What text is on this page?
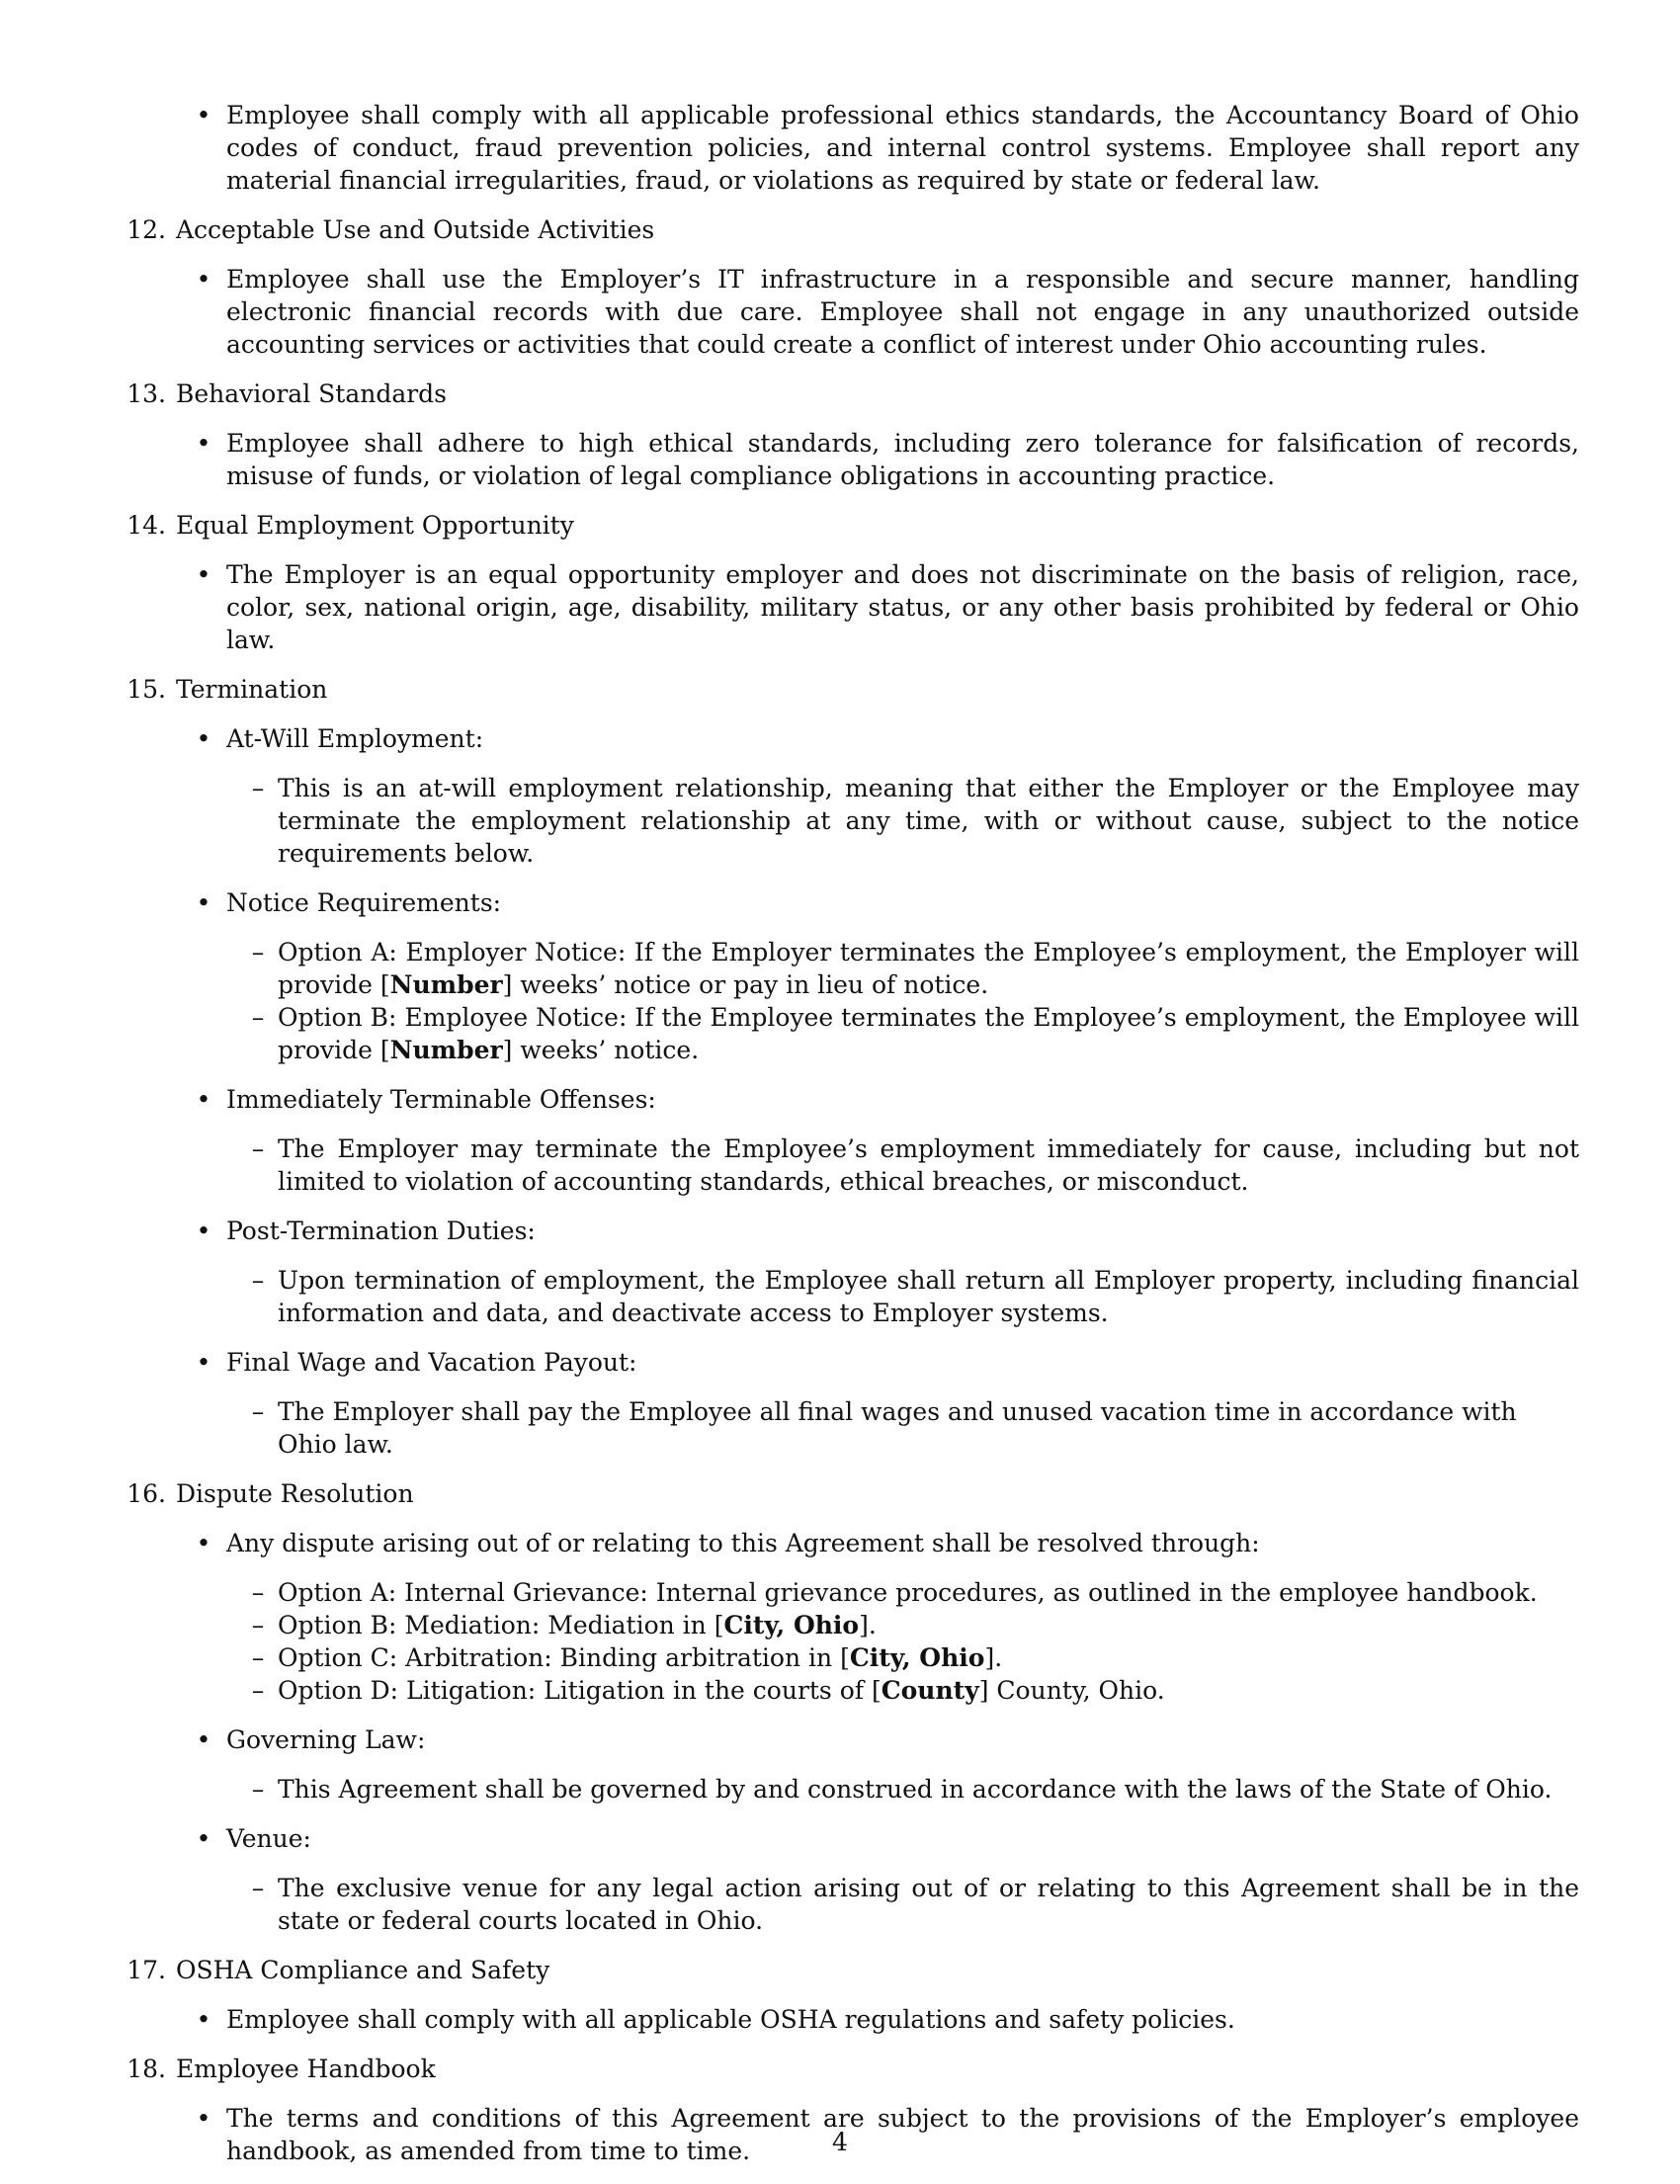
• Employee shall comply with all applicable professional ethics standards, the Accountancy Board of Ohio codes of conduct, fraud prevention policies, and internal control systems. Employee shall report any material financial irregularities, fraud, or violations as required by state or federal law.

12. Acceptable Use and Outside Activities
• Employee shall use the Employer’s IT infrastructure in a responsible and secure manner, handling electronic financial records with due care. Employee shall not engage in any unauthorized outside accounting services or activities that could create a conflict of interest under Ohio accounting rules.

13. Behavioral Standards
• Employee shall adhere to high ethical standards, including zero tolerance for falsification of records, misuse of funds, or violation of legal compliance obligations in accounting practice.

14. Equal Employment Opportunity
• The Employer is an equal opportunity employer and does not discriminate on the basis of religion, race, color, sex, national origin, age, disability, military status, or any other basis prohibited by federal or Ohio law.

15. Termination
• At-Will Employment:

– This is an at-will employment relationship, meaning that either the Employer or the Employee may terminate the employment relationship at any time, with or without cause, subject to the notice requirements below.

• Notice Requirements:

– Option A: Employer Notice: If the Employer terminates the Employee’s employment, the Employer will provide [Number] weeks’ notice or pay in lieu of notice.

– Option B: Employee Notice: If the Employee terminates the Employee’s employment, the Employee will provide [Number] weeks’ notice.

• Immediately Terminable Offenses:

– The Employer may terminate the Employee’s employment immediately for cause, including but not limited to violation of accounting standards, ethical breaches, or misconduct.

• Post-Termination Duties:

– Upon termination of employment, the Employee shall return all Employer property, including financial information and data, and deactivate access to Employer systems.

• Final Wage and Vacation Payout:

– The Employer shall pay the Employee all final wages and unused vacation time in accordance with Ohio law.

16. Dispute Resolution
• Any dispute arising out of or relating to this Agreement shall be resolved through:

– Option A: Internal Grievance: Internal grievance procedures, as outlined in the employee handbook.

– Option B: Mediation: Mediation in [City, Ohio].

– Option C: Arbitration: Binding arbitration in [City, Ohio].

– Option D: Litigation: Litigation in the courts of [County] County, Ohio.

• Governing Law:

– This Agreement shall be governed by and construed in accordance with the laws of the State of Ohio.

• Venue:

– The exclusive venue for any legal action arising out of or relating to this Agreement shall be in the state or federal courts located in Ohio.

17. OSHA Compliance and Safety
• Employee shall comply with all applicable OSHA regulations and safety policies.

18. Employee Handbook
• The terms and conditions of this Agreement are subject to the provisions of the Employer’s employee handbook, as amended from time to time.	4
